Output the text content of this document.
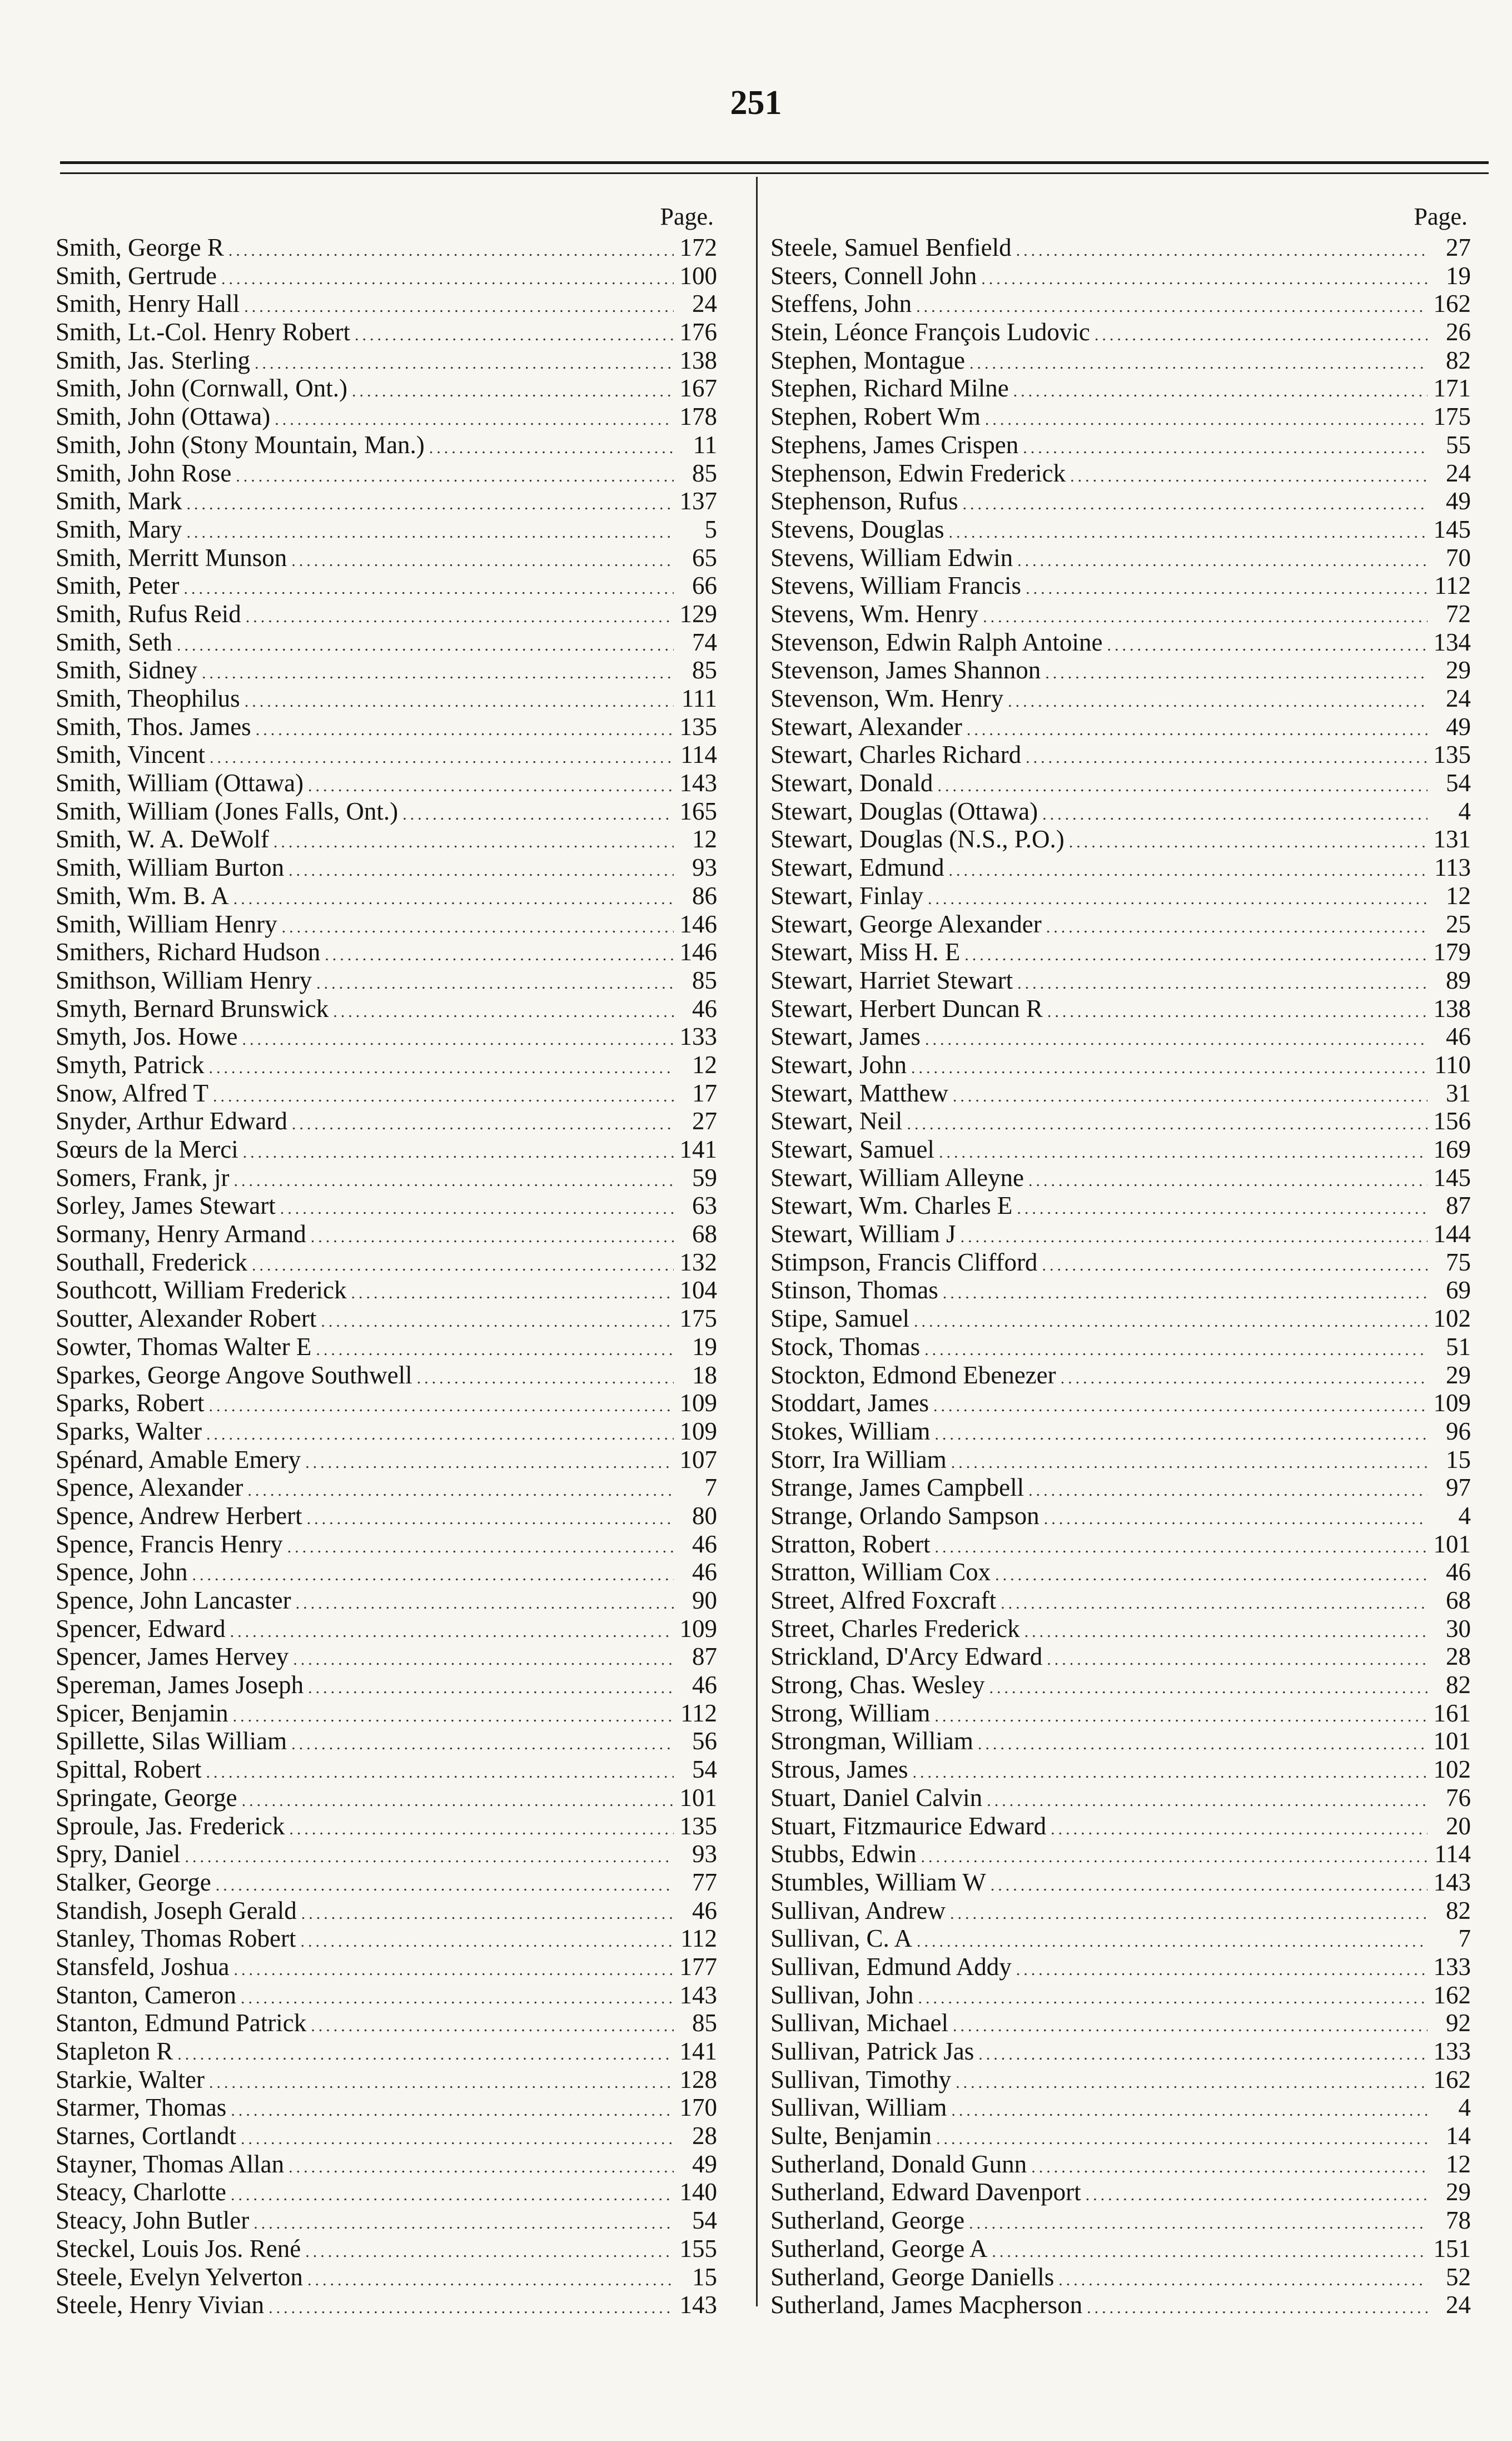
251
Page.
Smith, George R .....	172
Smith, Gertrude .....	100
Smith, Henry Hall .....	24
Smith, Lt.-Col. Henry Robert .....	176
Smith, Jas. Sterling .....	138
Smith, John (Cornwall, Ont.) .....	167
Smith, John (Ottawa) .....	178
Smith, John (Stony Mountain, Man.) .....	11
Smith, John Rose .....	85
Smith, Mark .....	137
Smith, Mary .....	5
Smith, Merritt Munson .....	65
Smith, Peter .....	66
Smith, Rufus Reid .....	129
Smith, Seth .....	74
Smith, Sidney .....	85
Smith, Theophilus .....	111
Smith, Thos. James .....	135
Smith, Vincent .....	114
Smith, William (Ottawa) .....	143
Smith, William (Jones Falls, Ont.) .....	165
Smith, W. A. DeWolf .....	12
Smith, William Burton .....	93
Smith, Wm. B. A .....	86
Smith, William Henry .....	146
Smithers, Richard Hudson .....	146
Smithson, William Henry .....	85
Smyth, Bernard Brunswick .....	46
Smyth, Jos. Howe .....	133
Smyth, Patrick .....	12
Snow, Alfred T .....	17
Snyder, Arthur Edward .....	27
Sœurs de la Merci .....	141
Somers, Frank, jr .....	59
Sorley, James Stewart .....	63
Sormany, Henry Armand .....	68
Southall, Frederick .....	132
Southcott, William Frederick .....	104
Soutter, Alexander Robert .....	175
Sowter, Thomas Walter E .....	19
Sparkes, George Angove Southwell .....	18
Sparks, Robert .....	109
Sparks, Walter .....	109
Spénard, Amable Emery .....	107
Spence, Alexander .....	7
Spence, Andrew Herbert .....	80
Spence, Francis Henry .....	46
Spence, John .....	46
Spence, John Lancaster .....	90
Spencer, Edward .....	109
Spencer, James Hervey .....	87
Spereman, James Joseph .....	46
Spicer, Benjamin .....	112
Spillette, Silas William .....	56
Spittal, Robert .....	54
Springate, George .....	101
Sproule, Jas. Frederick .....	135
Spry, Daniel .....	93
Stalker, George .....	77
Standish, Joseph Gerald .....	46
Stanley, Thomas Robert .....	112
Stansfeld, Joshua .....	177
Stanton, Cameron .....	143
Stanton, Edmund Patrick .....	85
Stapleton R .....	141
Starkie, Walter .....	128
Starmer, Thomas .....	170
Starnes, Cortlandt .....	28
Stayner, Thomas Allan .....	49
Steacy, Charlotte .....	140
Steacy, John Butler .....	54
Steckel, Louis Jos. René .....	155
Steele, Evelyn Yelverton .....	15
Steele, Henry Vivian .....	143
Page.
Steele, Samuel Benfield .....	27
Steers, Connell John .....	19
Steffens, John .....	162
Stein, Léonce François Ludovic .....	26
Stephen, Montague .....	82
Stephen, Richard Milne .....	171
Stephen, Robert Wm .....	175
Stephens, James Crispen .....	55
Stephenson, Edwin Frederick .....	24
Stephenson, Rufus .....	49
Stevens, Douglas .....	145
Stevens, William Edwin .....	70
Stevens, William Francis .....	112
Stevens, Wm. Henry .....	72
Stevenson, Edwin Ralph Antoine .....	134
Stevenson, James Shannon .....	29
Stevenson, Wm. Henry .....	24
Stewart, Alexander .....	49
Stewart, Charles Richard .....	135
Stewart, Donald .....	54
Stewart, Douglas (Ottawa) .....	4
Stewart, Douglas (N.S., P.O.) .....	131
Stewart, Edmund .....	113
Stewart, Finlay .....	12
Stewart, George Alexander .....	25
Stewart, Miss H. E .....	179
Stewart, Harriet Stewart .....	89
Stewart, Herbert Duncan R .....	138
Stewart, James .....	46
Stewart, John .....	110
Stewart, Matthew .....	31
Stewart, Neil .....	156
Stewart, Samuel .....	169
Stewart, William Alleyne .....	145
Stewart, Wm. Charles E .....	87
Stewart, William J .....	144
Stimpson, Francis Clifford .....	75
Stinson, Thomas .....	69
Stipe, Samuel .....	102
Stock, Thomas .....	51
Stockton, Edmond Ebenezer .....	29
Stoddart, James .....	109
Stokes, William .....	96
Storr, Ira William .....	15
Strange, James Campbell .....	97
Strange, Orlando Sampson .....	4
Stratton, Robert .....	101
Stratton, William Cox .....	46
Street, Alfred Foxcraft .....	68
Street, Charles Frederick .....	30
Strickland, D'Arcy Edward .....	28
Strong, Chas. Wesley .....	82
Strong, William .....	161
Strongman, William .....	101
Strous, James .....	102
Stuart, Daniel Calvin .....	76
Stuart, Fitzmaurice Edward .....	20
Stubbs, Edwin .....	114
Stumbles, William W .....	143
Sullivan, Andrew .....	82
Sullivan, C. A .....	7
Sullivan, Edmund Addy .....	133
Sullivan, John .....	162
Sullivan, Michael .....	92
Sullivan, Patrick Jas .....	133
Sullivan, Timothy .....	162
Sullivan, William .....	4
Sulte, Benjamin .....	14
Sutherland, Donald Gunn .....	12
Sutherland, Edward Davenport .....	29
Sutherland, George .....	78
Sutherland, George A .....	151
Sutherland, George Daniells .....	52
Sutherland, James Macpherson .....	24
